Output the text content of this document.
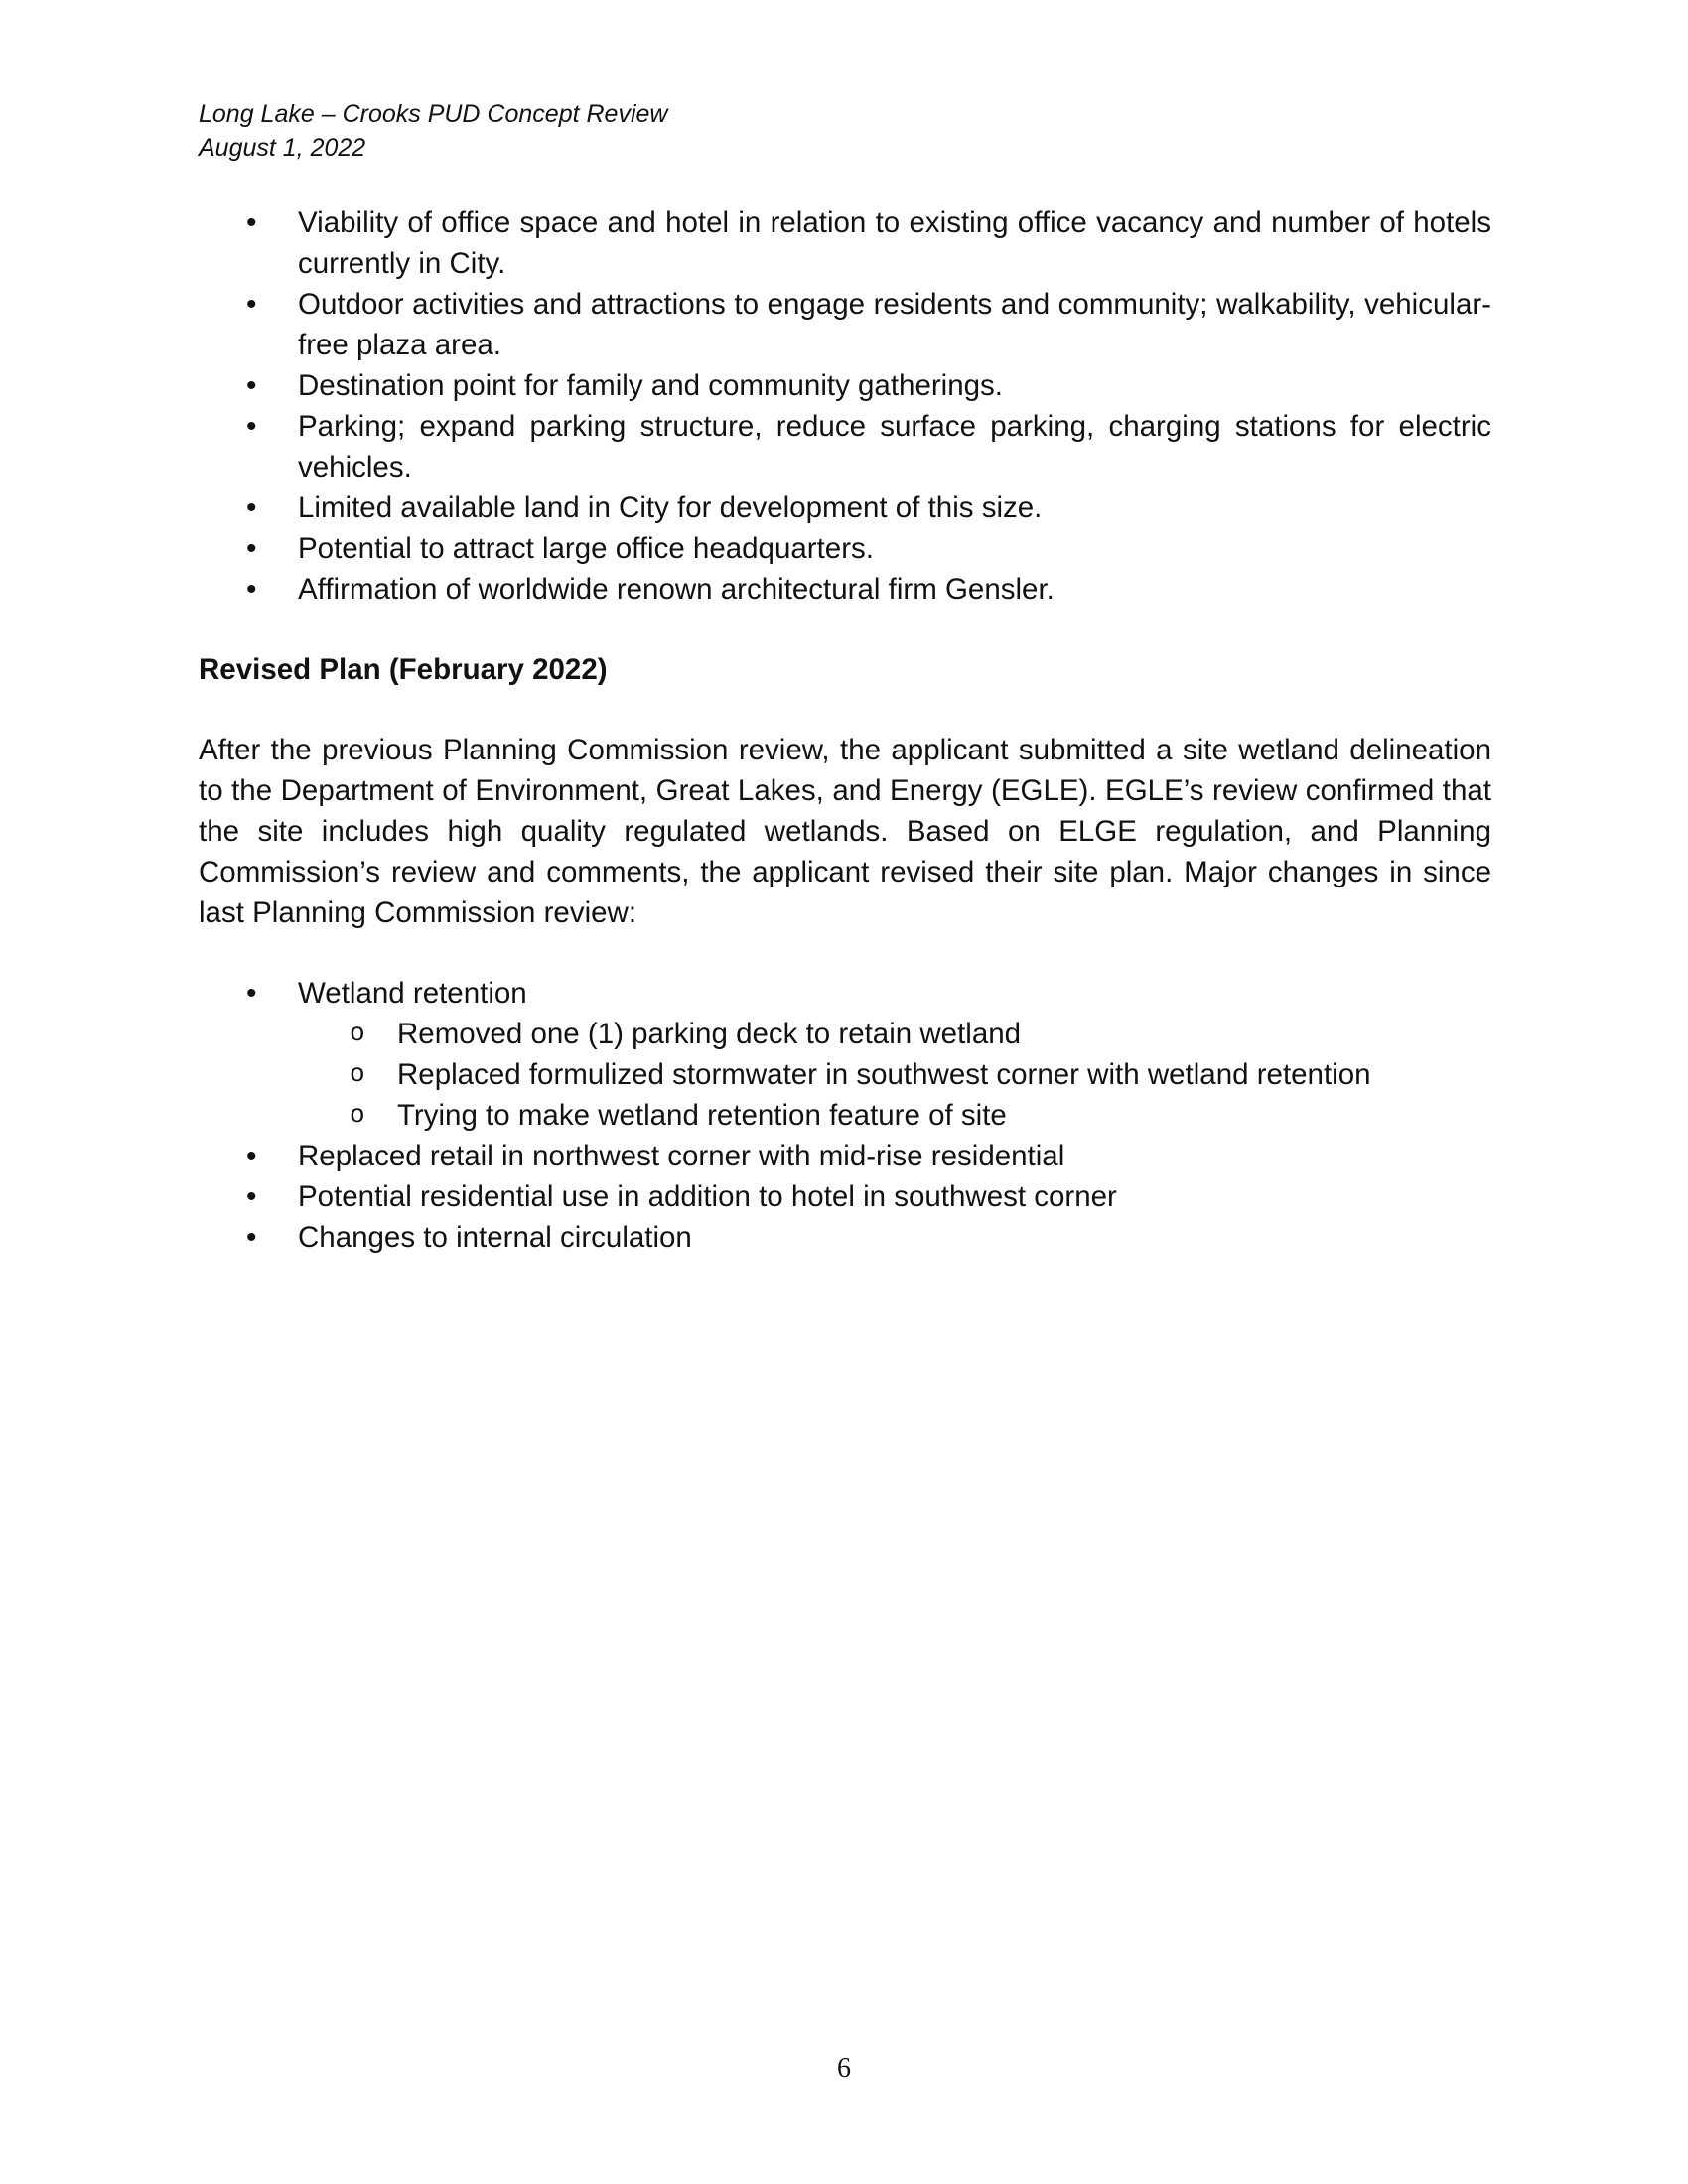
Long Lake – Crooks PUD Concept Review
August 1, 2022
• Viability of office space and hotel in relation to existing office vacancy and number of hotels currently in City.
• Outdoor activities and attractions to engage residents and community; walkability, vehicular-free plaza area.
• Destination point for family and community gatherings.
• Parking; expand parking structure, reduce surface parking, charging stations for electric vehicles.
• Limited available land in City for development of this size.
• Potential to attract large office headquarters.
• Affirmation of worldwide renown architectural firm Gensler.
Revised Plan (February 2022)
After the previous Planning Commission review, the applicant submitted a site wetland delineation to the Department of Environment, Great Lakes, and Energy (EGLE). EGLE’s review confirmed that the site includes high quality regulated wetlands. Based on ELGE regulation, and Planning Commission’s review and comments, the applicant revised their site plan. Major changes in since last Planning Commission review:
• Wetland retention
o Removed one (1) parking deck to retain wetland
o Replaced formulized stormwater in southwest corner with wetland retention
o Trying to make wetland retention feature of site
• Replaced retail in northwest corner with mid-rise residential
• Potential residential use in addition to hotel in southwest corner
• Changes to internal circulation
6
